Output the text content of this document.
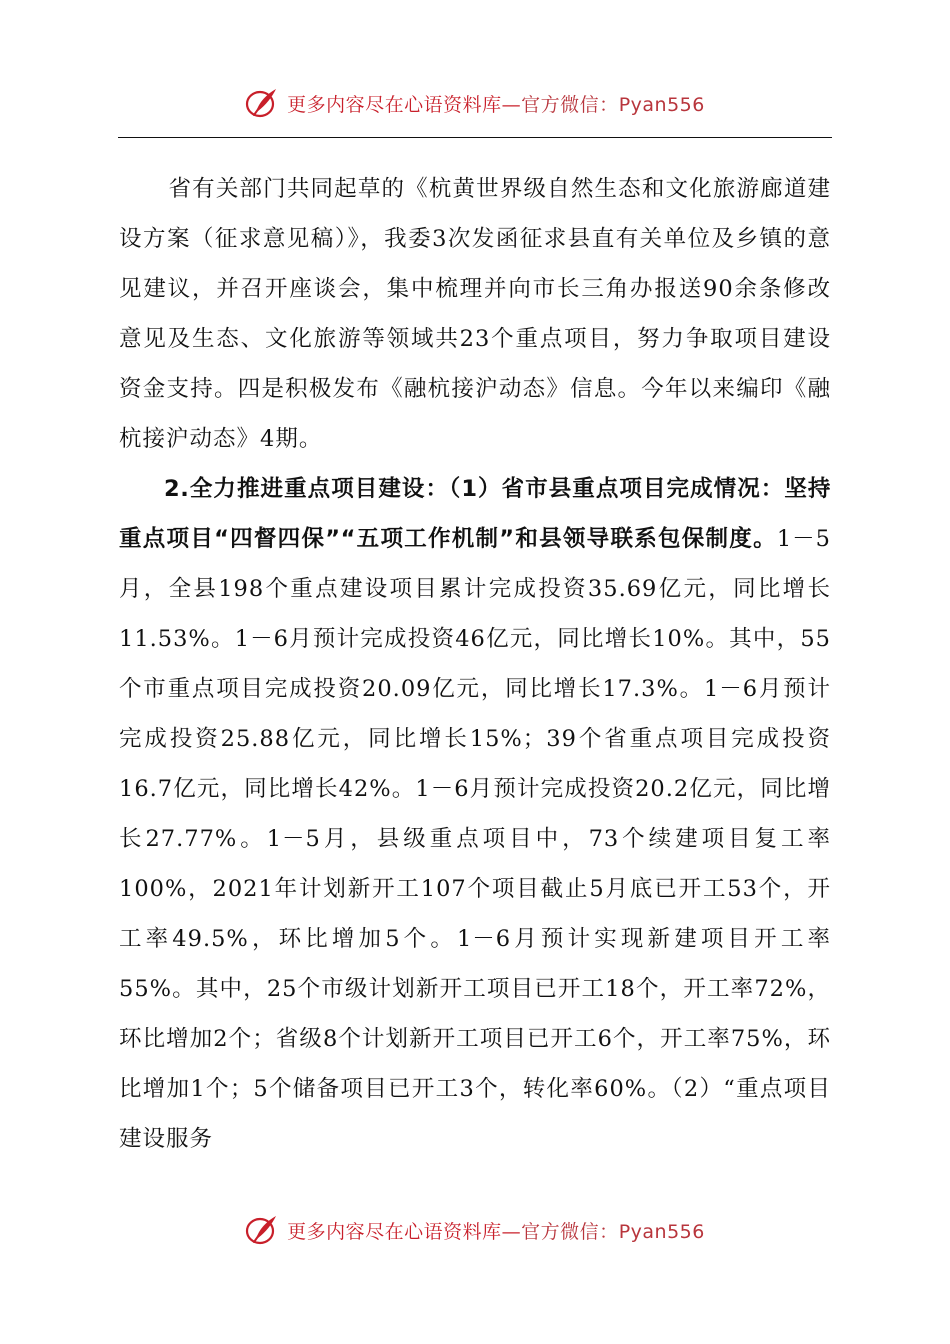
更多内容尽在心语资料库—官方微信：Pyan556

省有关部门共同起草的《杭黄世界级自然生态和文化旅游廊道建设方案（征求意见稿）》，我委3次发函征求县直有关单位及乡镇的意见建议，并召开座谈会，集中梳理并向市长三角办报送90余条修改意见及生态、文化旅游等领域共23个重点项目，努力争取项目建设资金支持。四是积极发布《融杭接沪动态》信息。今年以来编印《融杭接沪动态》4期。

2.全力推进重点项目建设：（1）省市县重点项目完成情况：坚持重点项目“四督四保”“五项工作机制”和县领导联系包保制度。1－5月，全县198个重点建设项目累计完成投资35.69亿元，同比增长11.53%。1－6月预计完成投资46亿元，同比增长10%。其中，55个市重点项目完成投资20.09亿元，同比增长17.3%。1－6月预计完成投资25.88亿元，同比增长15%；39个省重点项目完成投资16.7亿元，同比增长42%。1－6月预计完成投资20.2亿元，同比增长27.77%。1－5月，县级重点项目中，73个续建项目复工率100%，2021年计划新开工107个项目截止5月底已开工53个，开工率49.5%，环比增加5个。1－6月预计实现新建项目开工率55%。其中，25个市级计划新开工项目已开工18个，开工率72%，环比增加2个；省级8个计划新开工项目已开工6个，开工率75%，环比增加1个；5个储备项目已开工3个，转化率60%。（2）“重点项目建设服务

更多内容尽在心语资料库—官方微信：Pyan556
